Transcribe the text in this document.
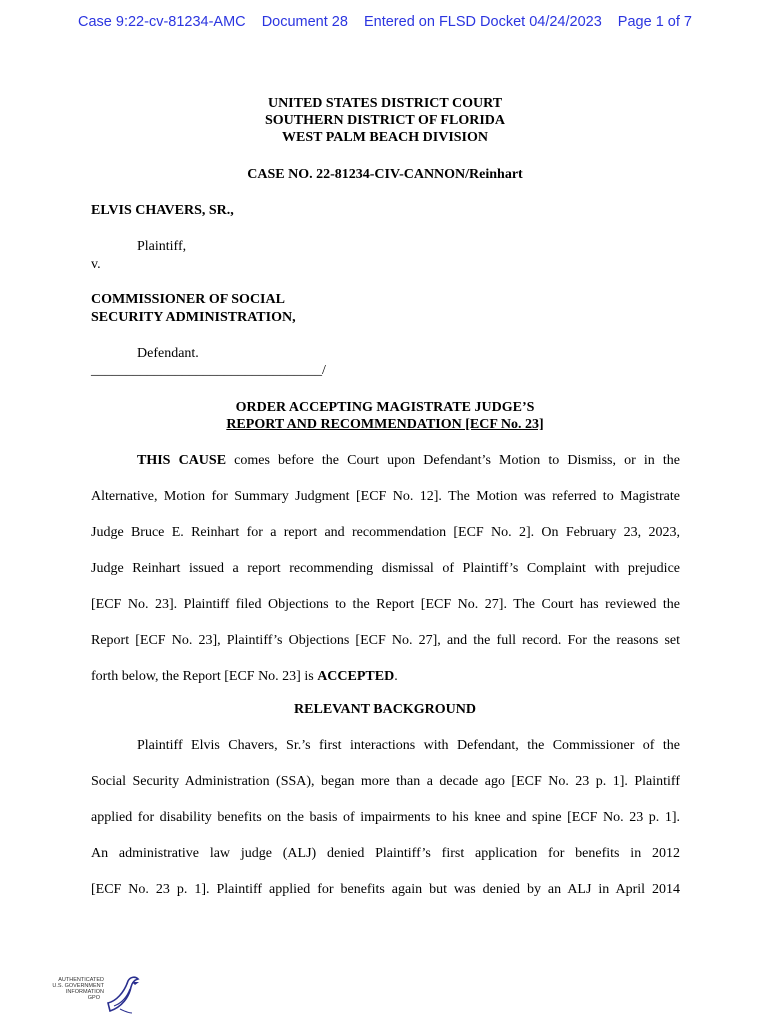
Case 9:22-cv-81234-AMC Document 28 Entered on FLSD Docket 04/24/2023 Page 1 of 7
UNITED STATES DISTRICT COURT
SOUTHERN DISTRICT OF FLORIDA
WEST PALM BEACH DIVISION
CASE NO. 22-81234-CIV-CANNON/Reinhart
ELVIS CHAVERS, SR.,
Plaintiff,
v.
COMMISSIONER OF SOCIAL
SECURITY ADMINISTRATION,
Defendant.
_________________________________/
ORDER ACCEPTING MAGISTRATE JUDGE’S
REPORT AND RECOMMENDATION [ECF No. 23]
THIS CAUSE comes before the Court upon Defendant’s Motion to Dismiss, or in the
Alternative, Motion for Summary Judgment [ECF No. 12]. The Motion was referred to Magistrate
Judge Bruce E. Reinhart for a report and recommendation [ECF No. 2]. On February 23, 2023,
Judge Reinhart issued a report recommending dismissal of Plaintiff’s Complaint with prejudice
[ECF No. 23]. Plaintiff filed Objections to the Report [ECF No. 27]. The Court has reviewed the
Report [ECF No. 23], Plaintiff’s Objections [ECF No. 27], and the full record. For the reasons set
forth below, the Report [ECF No. 23] is ACCEPTED.
RELEVANT BACKGROUND
Plaintiff Elvis Chavers, Sr.’s first interactions with Defendant, the Commissioner of the
Social Security Administration (SSA), began more than a decade ago [ECF No. 23 p. 1]. Plaintiff
applied for disability benefits on the basis of impairments to his knee and spine [ECF No. 23 p. 1].
An administrative law judge (ALJ) denied Plaintiff’s first application for benefits in 2012
[ECF No. 23 p. 1]. Plaintiff applied for benefits again but was denied by an ALJ in April 2014
AUTHENTICATED
U.S. GOVERNMENT
INFORMATION
GPO
